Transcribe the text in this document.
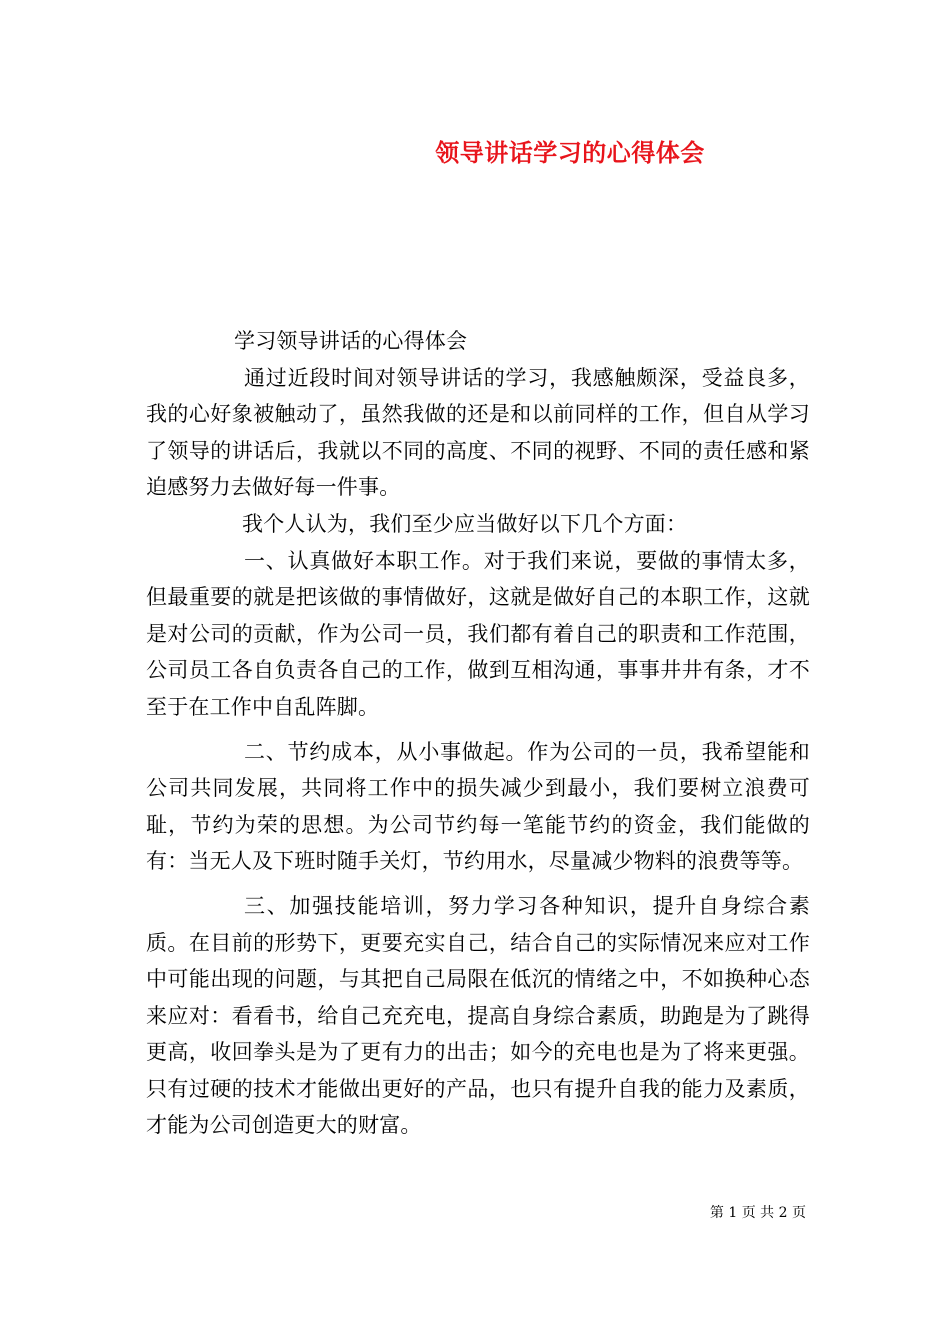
领导讲话学习的心得体会

学习领导讲话的心得体会

通过近段时间对领导讲话的学习，我感触颇深，受益良多，我的心好象被触动了，虽然我做的还是和以前同样的工作，但自从学习了领导的讲话后，我就以不同的高度、不同的视野、不同的责任感和紧迫感努力去做好每一件事。

我个人认为，我们至少应当做好以下几个方面：

一、认真做好本职工作。对于我们来说，要做的事情太多，但最重要的就是把该做的事情做好，这就是做好自己的本职工作，这就是对公司的贡献，作为公司一员，我们都有着自己的职责和工作范围，公司员工各自负责各自己的工作，做到互相沟通，事事井井有条，才不至于在工作中自乱阵脚。

二、节约成本，从小事做起。作为公司的一员，我希望能和公司共同发展，共同将工作中的损失减少到最小，我们要树立浪费可耻，节约为荣的思想。为公司节约每一笔能节约的资金，我们能做的有：当无人及下班时随手关灯，节约用水，尽量减少物料的浪费等等。

三、加强技能培训，努力学习各种知识，提升自身综合素质。在目前的形势下，更要充实自己，结合自己的实际情况来应对工作中可能出现的问题，与其把自己局限在低沉的情绪之中，不如换种心态来应对：看看书，给自己充充电，提高自身综合素质，助跑是为了跳得更高，收回拳头是为了更有力的出击；如今的充电也是为了将来更强。只有过硬的技术才能做出更好的产品，也只有提升自我的能力及素质，才能为公司创造更大的财富。

第 1 页 共 2 页
